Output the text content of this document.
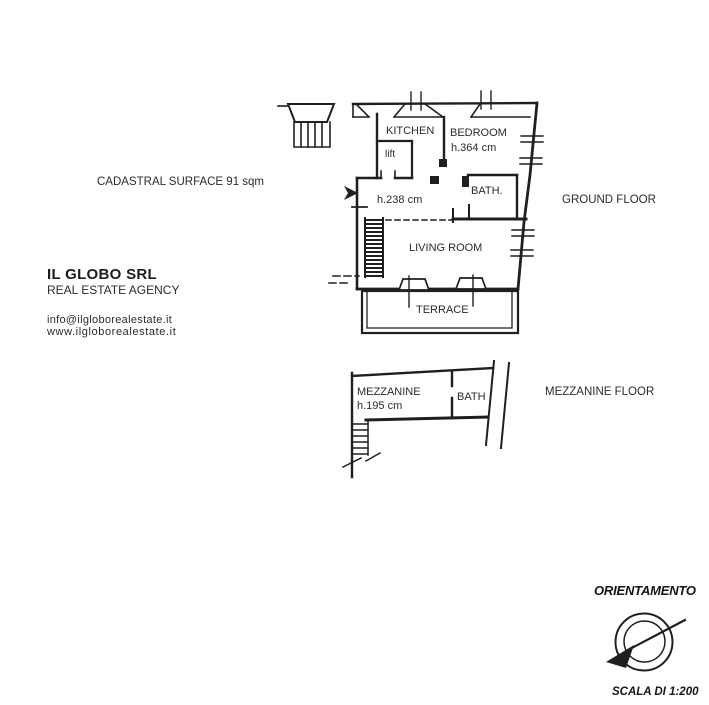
CADASTRAL SURFACE 91 sqm
IL GLOBO SRL
REAL ESTATE AGENCY
info@ilgloborealestate.it
www.ilgloborealestate.it
GROUND FLOOR
KITCHEN BEDROOM
h.364 cm
lift
BATH.
h.238 cm
LIVING ROOM
TERRACE
MEZZANINE FLOOR
MEZZANINE
h.195 cm
BATH
ORIENTAMENTO
SCALA DI 1:200
